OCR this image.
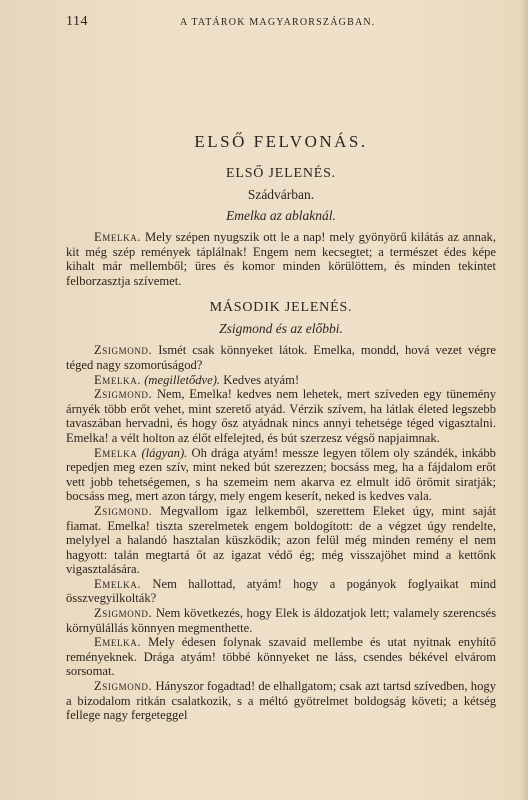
114	A TATÁROK MAGYARORSZÁGBAN.
ELSŐ FELVONÁS.
ELSŐ JELENÉS.
Szádvárban.
Emelka az ablaknál.

Emelka. Mely szépen nyugszik ott le a nap! mely gyönyörű kilátás az annak, kit még szép remények táplálnak! Engem nem kecsegtet; a természet édes képe kihalt már mellemből; üres és komor minden körülöttem, és minden tekintet felborzasztja szívemet.

MÁSODIK JELENÉS.
Zsigmond és az előbbi.

Zsigmond. Ismét csak könnyeket látok. Emelka, mondd, hová vezet végre téged nagy szomorúságod?

Emelka. (megilletődve). Kedves atyám!

Zsigmond. Nem, Emelka! kedves nem lehetek, mert szíveden egy tünemény árnyék több erőt vehet, mint szerető atyád. Vérzik szívem, ha látlak életed legszebb tavaszában hervadni, és hogy ősz atyádnak nincs annyi tehetsége téged vigasztalni. Emelka! a vélt holton az élőt elfelejted, és bút szerzesz végső napjaimnak.

Emelka (lágyan). Oh drága atyám! messze legyen tőlem oly szándék, inkább repedjen meg ezen szív, mint neked bút szerezzen; bocsáss meg, ha a fájdalom erőt vett jobb tehetségemen, s ha szemeim nem akarva ez elmult idő örömit siratják; bocsáss meg, mert azon tárgy, mely engem keserít, neked is kedves vala.

Zsigmond. Megvallom igaz lelkemből, szerettem Eleket úgy, mint saját fiamat. Emelka! tiszta szerelmetek engem boldogított: de a végzet úgy rendelte, melylyel a halandó hasztalan küszködik; azon felül még minden remény el nem hagyott: talán megtartá őt az igazat védő ég; még visszajöhet mind a kettőnk vigasztalására.

Emelka. Nem hallottad, atyám! hogy a pogányok foglyaikat mind összvegyilkolták?

Zsigmond. Nem következés, hogy Elek is áldozatjok lett; valamely szerencsés környülállás könnyen megmenthette.

Emelka. Mely édesen folynak szavaid mellembe és utat nyitnak enyhítő reményeknek. Drága atyám! többé könnyeket ne láss, csendes békével elvárom sorsomat.

Zsigmond. Hányszor fogadtad! de elhallgatom; csak azt tartsd szívedben, hogy a bizodalom ritkán csalatkozik, s a méltó gyötrelmet boldogság követi; a kétség fellege nagy fergeteggel
